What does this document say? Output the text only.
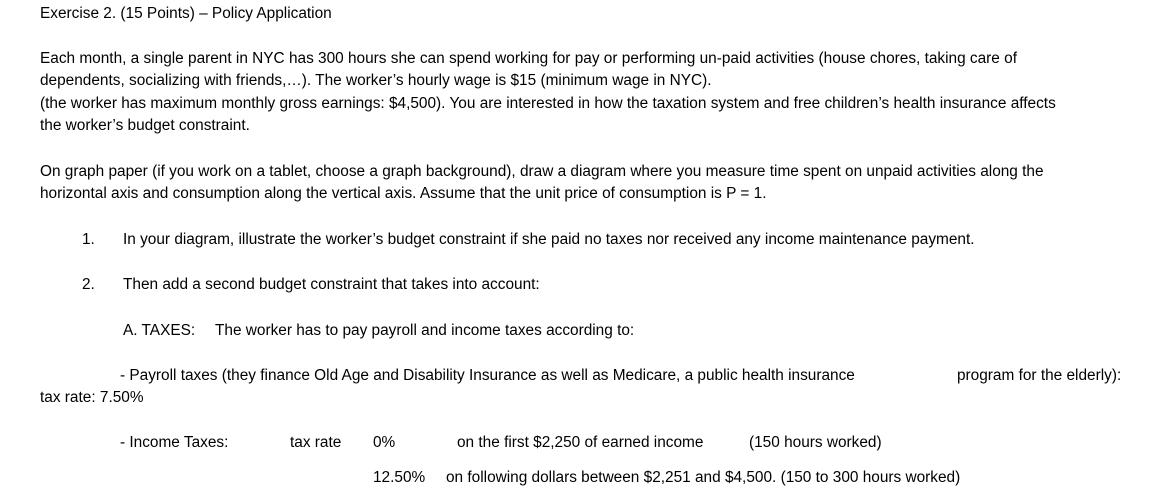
Exercise 2. (15 Points) – Policy Application
Each month, a single parent in NYC has 300 hours she can spend working for pay or performing un-paid activities (house chores, taking care of
dependents, socializing with friends,…). The worker’s hourly wage is $15 (minimum wage in NYC).
(the worker has maximum monthly gross earnings: $4,500). You are interested in how the taxation system and free children’s health insurance affects
the worker’s budget constraint.
On graph paper (if you work on a tablet, choose a graph background), draw a diagram where you measure time spent on unpaid activities along the
horizontal axis and consumption along the vertical axis. Assume that the unit price of consumption is P = 1.
1. In your diagram, illustrate the worker’s budget constraint if she paid no taxes nor received any income maintenance payment.
2. Then add a second budget constraint that takes into account:
A. TAXES: The worker has to pay payroll and income taxes according to:
- Payroll taxes (they finance Old Age and Disability Insurance as well as Medicare, a public health insurance	program for the elderly):
tax rate: 7.50%
- Income Taxes:	tax rate 0%	on the first $2,250 of earned income	(150 hours worked)
12.50% on following dollars between $2,251 and $4,500. (150 to 300 hours worked)
